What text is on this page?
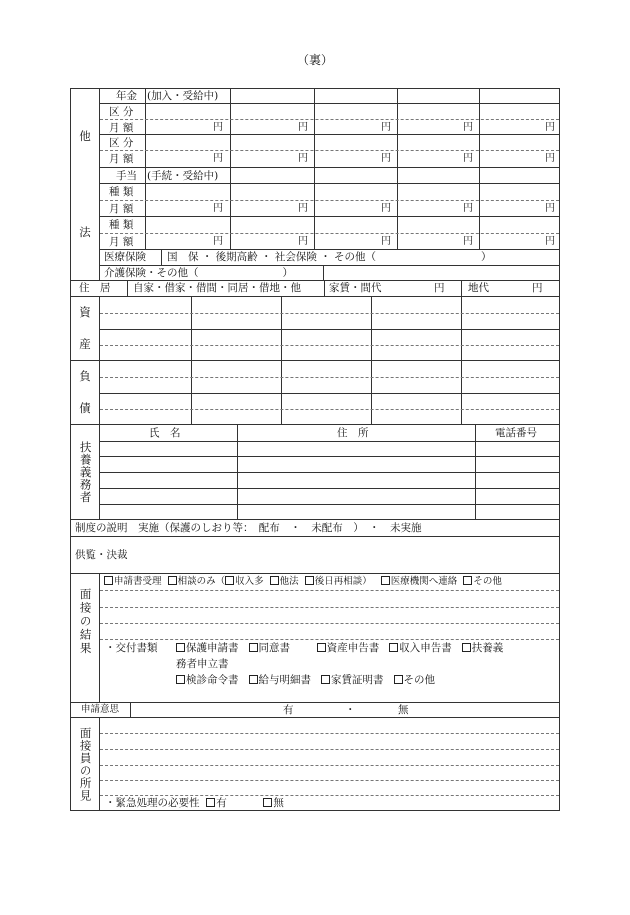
（裏）
他
法
年金 (加入・受給中)
区 分
月 額	円	円	円	円	円
区 分
月 額	円	円	円	円	円
手当 (手続・受給中)
種 類
月 額	円	円	円	円	円
種 類
月 額	円	円	円	円	円
医療保険 国　保 ・ 後期高齢 ・ 社会保険 ・ その他（　　　　　　　　　　）
介護保険・その他（　　　　　　　　）
住　居 自家・借家・借間・同居・借地・他	家賃・間代	円 地代	円
資
産
負
債
扶養義務者
氏　名	住　所	電話番号
制度の説明　実施（保護のしおり等：　配布　・　未配布　）　・　未実施
供覧・決裁
面接の結果
申請書受理 相談のみ（ 収入多 他法 後日再相談） 医療機関へ連絡 その他
・交付書類	保護申請書 同意書	資産申告書 収入申告書 扶養義
務者申立書
検診命令書 給与明細書 家賃証明書 その他
申請意思	有	・	無
面接員の所見
・緊急処理の必要性 有	無
